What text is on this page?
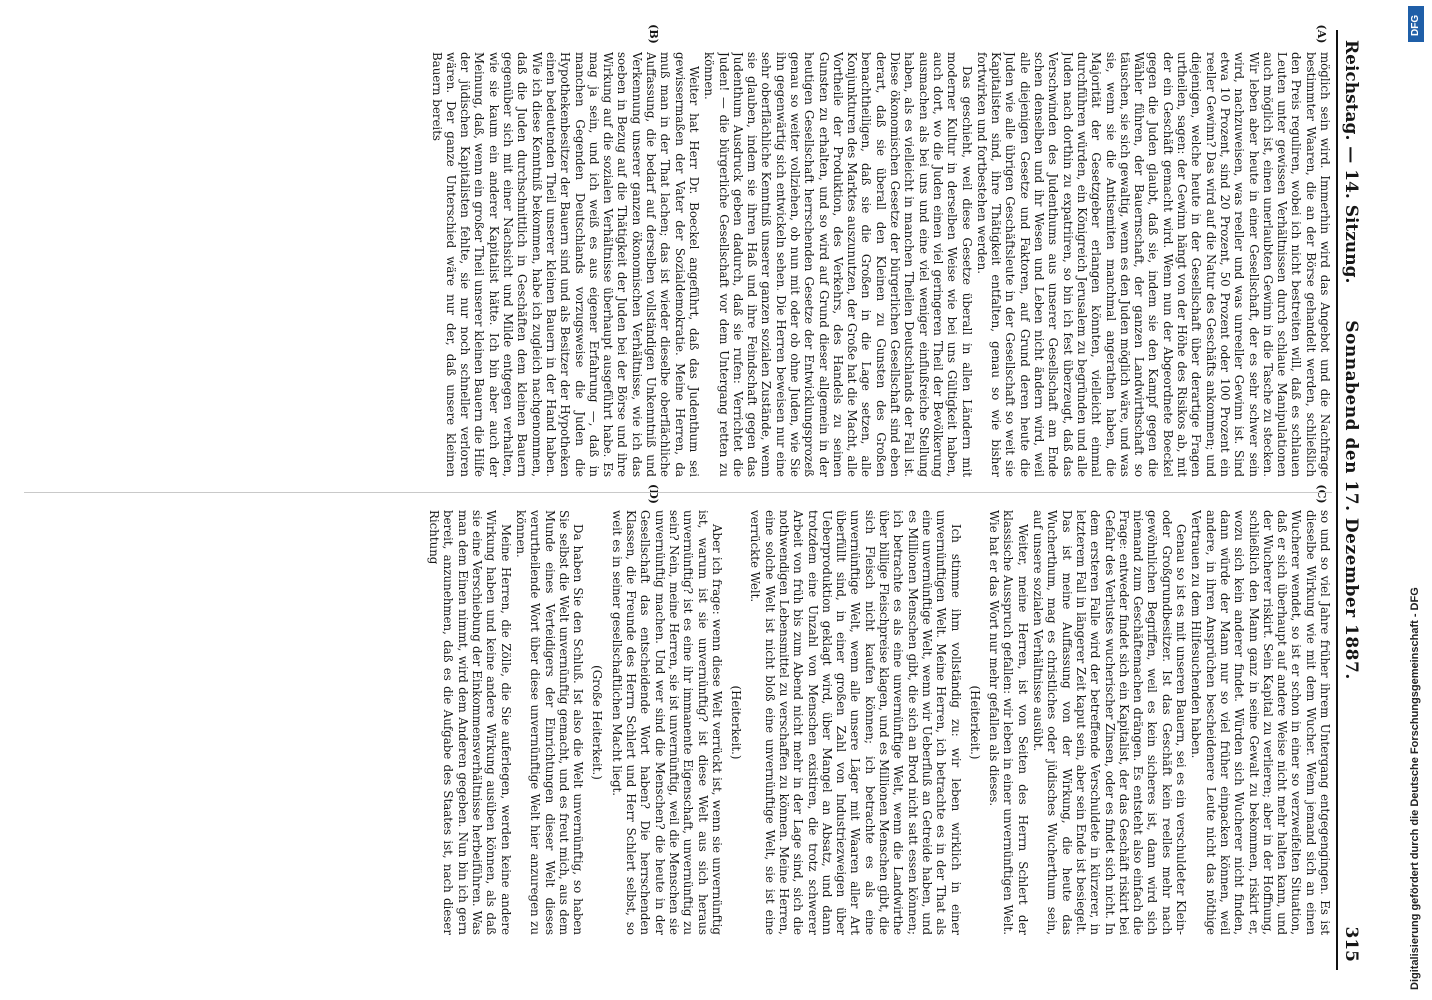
Reichstag. — 14. Sitzung.
Sonnabend den 17. Dezember 1887.
315
(A)
(B)
(C)
(D)

möglich sein wird. Immerhin wird das Angebot und die Nachfrage bestimmter Waaren, die an der Börse gehandelt werden, schließlich den Preis reguliren, wobei ich nicht bestreiten will, daß es schlauen Leuten unter gewissen Verhältnissen durch schlaue Manipulationen auch möglich ist, einen unerlaubten Gewinn in die Tasche zu stecken. Wir leben aber heute in einer Gesellschaft, der es sehr schwer sein wird, nachzuweisen, was reeller und was unreeller Gewinn ist. Sind etwa 10 Prozent, sind 20 Prozent, 50 Prozent oder 100 Prozent ein reeller Gewinn? Das wird auf die Natur des Geschäfts ankommen; und diejenigen, welche heute in der Gesellschaft über derartige Fragen urtheilen, sagen: der Gewinn hängt von der Höhe des Risikos ab, mit der ein Geschäft gemacht wird. Wenn nun der Abgeordnete Boeckel gegen die Juden glaubt, daß sie, indem sie den Kampf gegen die Wähler führen, der Bauernschaft, der ganzen Landwirthschaft so täuschen, sie sich gewaltig, wenn es den Juden möglich wäre, und was sie, wenn sie die Antisemiten manchmal angerathen haben, die Majorität der Gesetzgeber erlangen könnten, vielleicht einmal durchführen würden, ein Königreich Jerusalem zu begründen und alle Juden nach dorthin zu expatriiren, so bin ich fest überzeugt, daß das Verschwinden des Judenthums aus unserer Gesellschaft am Ende schen denselben und ihr Wesen und Leben nicht ändern wird, weil alle diejenigen Gesetze und Faktoren, auf Grund deren heute die Juden wie alle übrigen Geschäftsleute in der Gesellschaft so weit sie Kapitalisten sind, ihre Thätigkeit entfalten, genau so wie bisher fortwirken und fortbestehen werden.

Das geschieht, weil diese Gesetze überall in allen Ländern mit moderner Kultur in derselben Weise wie bei uns Gültigkeit haben, auch dort, wo die Juden einen viel geringeren Theil der Bevölkerung ausmachen als bei uns und eine viel weniger einflußreiche Stellung haben, als es vielleicht in manchen Theilen Deutschlands der Fall ist. Diese ökonomischen Gesetze der bürgerlichen Gesellschaft sind eben derart, daß sie überall den Kleinen zu Gunsten des Großen benachtheiligen, daß sie die Großen in die Lage setzen, alle Konjunkturen des Marktes auszunutzen, der Große hat die Macht, alle Vortheile der Produktion, des Verkehrs, des Handels zu seinen Gunsten zu erhalten, und so wird auf Grund dieser allgemein in der heutigen Gesellschaft herrschenden Gesetze der Entwicklungsprozeß genau so weiter vollziehen, ob nun mit oder ob ohne Juden, wie Sie ihn gegenwärtig sich entwickeln sehen. Die Herren beweisen nur eine sehr oberflächliche Kenntniß unserer ganzen sozialen Zustände, wenn sie glauben, indem sie ihren Haß und ihre Feindschaft gegen das Judenthum Ausdruck geben dadurch, daß sie rufen: Verrichtet die Juden! — die bürgerliche Gesellschaft vor dem Untergang retten zu können.

Weiter hat Herr Dr. Boeckel angeführt, daß das Judenthum sei gewissermaßen der Vater der Sozialdemokratie. Meine Herren, da muß man in der That lachen; das ist wieder dieselbe oberflächliche Auffassung, die bedarf auf derselben vollständigen Unkenntniß und Verkennung unserer ganzen ökonomischen Verhältnisse, wie ich das soeben in Bezug auf die Thätigkeit der Juden bei der Börse und ihre Wirkung auf die sozialen Verhältnisse überhaupt ausgeführt habe. Es mag ja sein, und ich weiß es aus eigener Erfahrung —, daß in manchen Gegenden Deutschlands vorzugsweise die Juden die Hypothekenbesitzer der Bauern sind und als Besitzer der Hypotheken einen bedeutenden Theil unserer kleinen Bauern in der Hand haben. Wie ich diese Kenntniß bekommen, habe ich zugleich nachgenommen, daß die Juden durchschnittlich in Geschäften dem kleinen Bauern gegenüber sich mit einer Nachsicht und Milde entgegen verhalten, wie sie kaum ein anderer Kapitalist hätte. Ich bin aber auch der Meinung, daß, wenn ein großer Theil unserer kleinen Bauern die Hilfe der jüdischen Kapitalisten fehlte, sie nur noch schneller verloren wären. Der ganze Unterschied wäre nur der, daß unsere kleinen Bauern bereits

so und so viel Jahre früher ihrem Untergang entgegengingen. Es ist dieselbe Wirkung wie mit dem Wucher. Wenn jemand sich an einen Wucherer wendet, so ist er schon in einer so verzweifelten Situation, daß er sich überhaupt auf andere Weise nicht mehr halten kann, und der Wucherer riskirt. Sein Kapital zu verlieren; aber in der Hoffnung, schließlich den Mann ganz in seine Gewalt zu bekommen, riskirt er, wozu sich kein anderer findet. Würden sich Wucherer nicht finden, dann würde der Mann nur so viel früher einpacken können, weil andere, in ihren Ansprüchen bescheidenere Leute nicht das nöthige Vertrauen zu dem Hilfesuchenden haben.

Genau so ist es mit unseren Bauern, sei es ein verschuldeter Klein- oder Großgrundbesitzer. Ist das Geschäft kein reelles mehr nach gewöhnlichen Begriffen, weil es kein sicheres ist, dann wird sich niemand zum Geschäftemachen drängen. Es entsteht also einfach die Frage: entweder findet sich ein Kapitalist, der das Geschäft riskirt bei Gefahr des Verlustes wucherischer Zinsen, oder es findet sich nicht. In dem ersteren Falle wird der betreffende Verschuldete in kürzerer, in letzterem Fall in längerer Zeit kaput sein, aber sein Ende ist besiegelt. Das ist meine Auffassung von der Wirkung, die heute das Wucherthum, mag es christliches oder jüdisches Wucherthum sein, auf unsere sozialen Verhältnisse ausübt.

Weiter, meine Herren, ist von Seiten des Herrn Schlert der klassische Ausspruch gefallen: wir leben in einer unvernünftigen Welt. Wie hat er das Wort nur mehr gefallen als dieses.

(Heiterkeit.)

Ich stimme ihm vollständig zu: wir leben wirklich in einer unvernünftigen Welt. Meine Herren, ich betrachte es in der That als eine unvernünftige Welt, wenn wir Ueberfluß an Getreide haben, und es Millionen Menschen gibt, die sich an Brod nicht satt essen können; ich betrachte es als eine unvernünftige Welt, wenn die Landwirthe über billige Fleischpreise klagen, und es Millionen Menschen gibt, die sich Fleisch nicht kaufen können; ich betrachte es als eine unvernünftige Welt, wenn alle unsere Läger mit Waaren aller Art überfüllt sind, in einer großen Zahl von Industriezweigen über Ueberproduktion geklagt wird, über Mangel an Absatz, und dann trotzdem eine Unzahl von Menschen existiren, die trotz schwerer Arbeit von früh bis zum Abend nicht mehr in der Lage sind, sich die nothwendigen Lebensmittel zu verschaffen zu können. Meine Herren, eine solche Welt ist nicht bloß eine unvernünftige Welt, sie ist eine verrückte Welt.

(Heiterkeit.)

Aber ich frage: wenn diese Welt verrückt ist, wenn sie unvernünftig ist, warum ist sie unvernünftig? ist diese Welt aus sich heraus unvernünftig? ist es eine ihr immanente Eigenschaft, unvernünftig zu sein? Nein, meine Herren, sie ist unvernünftig, weil die Menschen sie unvernünftig machen. Und wer sind die Menschen? die heute in der Gesellschaft das entscheidende Wort haben? Die herrschenden Klassen, die Freunde des Herrn Schlert und Herr Schlert selbst, so weit es in seiner gesellschaftlichen Macht liegt.

(Große Heiterkeit.)

Da haben Sie den Schluß. Ist also die Welt unvernünftig, so haben Sie selbst die Welt unvernünftig gemacht, und es freut mich, aus dem Munde eines Verteidigers der Einrichtungen dieser Welt dieses verurtheilende Wort über diese unvernünftige Welt hier anzuregen zu können.

Meine Herren, die Zölle, die Sie auferlegen, werden keine andere Wirkung haben und keine andere Wirkung ausüben können, als daß sie eine Verschiebung der Einkommensverhältnisse herbeiführen. Was man dem Einen nimmt, wird dem Anderen gegeben. Nun bin ich gern bereit, anzunehmen, daß es die Aufgabe des Staates ist, nach dieser Richtung

DFG
Digitalisierung gefördert durch die Deutsche Forschungsgemeinschaft - DFG
